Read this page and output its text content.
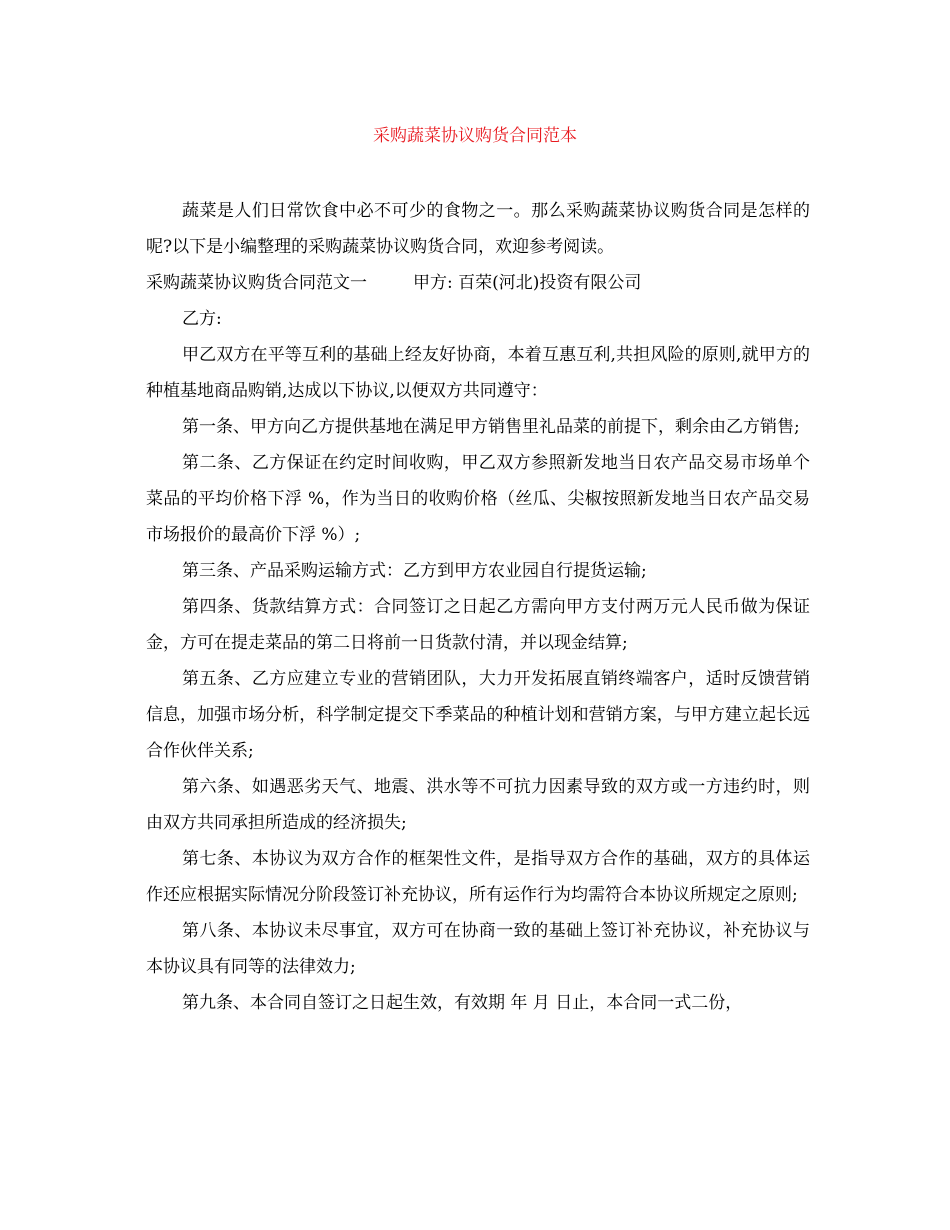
采购蔬菜协议购货合同范本

蔬菜是人们日常饮食中必不可少的食物之一。那么采购蔬菜协议购货合同是怎样的呢?以下是小编整理的采购蔬菜协议购货合同，欢迎参考阅读。

采购蔬菜协议购货合同范文一	甲方: 百荣(河北)投资有限公司

乙方:

甲乙双方在平等互利的基础上经友好协商，本着互惠互利,共担风险的原则,就甲方的种植基地商品购销,达成以下协议,以便双方共同遵守：

第一条、甲方向乙方提供基地在满足甲方销售里礼品菜的前提下，剩余由乙方销售;

第二条、乙方保证在约定时间收购，甲乙双方参照新发地当日农产品交易市场单个菜品的平均价格下浮 %，作为当日的收购价格（丝瓜、尖椒按照新发地当日农产品交易市场报价的最高价下浮 %）;

第三条、产品采购运输方式：乙方到甲方农业园自行提货运输;

第四条、货款结算方式：合同签订之日起乙方需向甲方支付两万元人民币做为保证金，方可在提走菜品的第二日将前一日货款付清，并以现金结算;

第五条、乙方应建立专业的营销团队，大力开发拓展直销终端客户，适时反馈营销信息，加强市场分析，科学制定提交下季菜品的种植计划和营销方案，与甲方建立起长远合作伙伴关系;

第六条、如遇恶劣天气、地震、洪水等不可抗力因素导致的双方或一方违约时，则由双方共同承担所造成的经济损失;

第七条、本协议为双方合作的框架性文件，是指导双方合作的基础，双方的具体运作还应根据实际情况分阶段签订补充协议，所有运作行为均需符合本协议所规定之原则;

第八条、本协议未尽事宜，双方可在协商一致的基础上签订补充协议，补充协议与本协议具有同等的法律效力;

第九条、本合同自签订之日起生效，有效期 年 月 日止，本合同一式二份，
